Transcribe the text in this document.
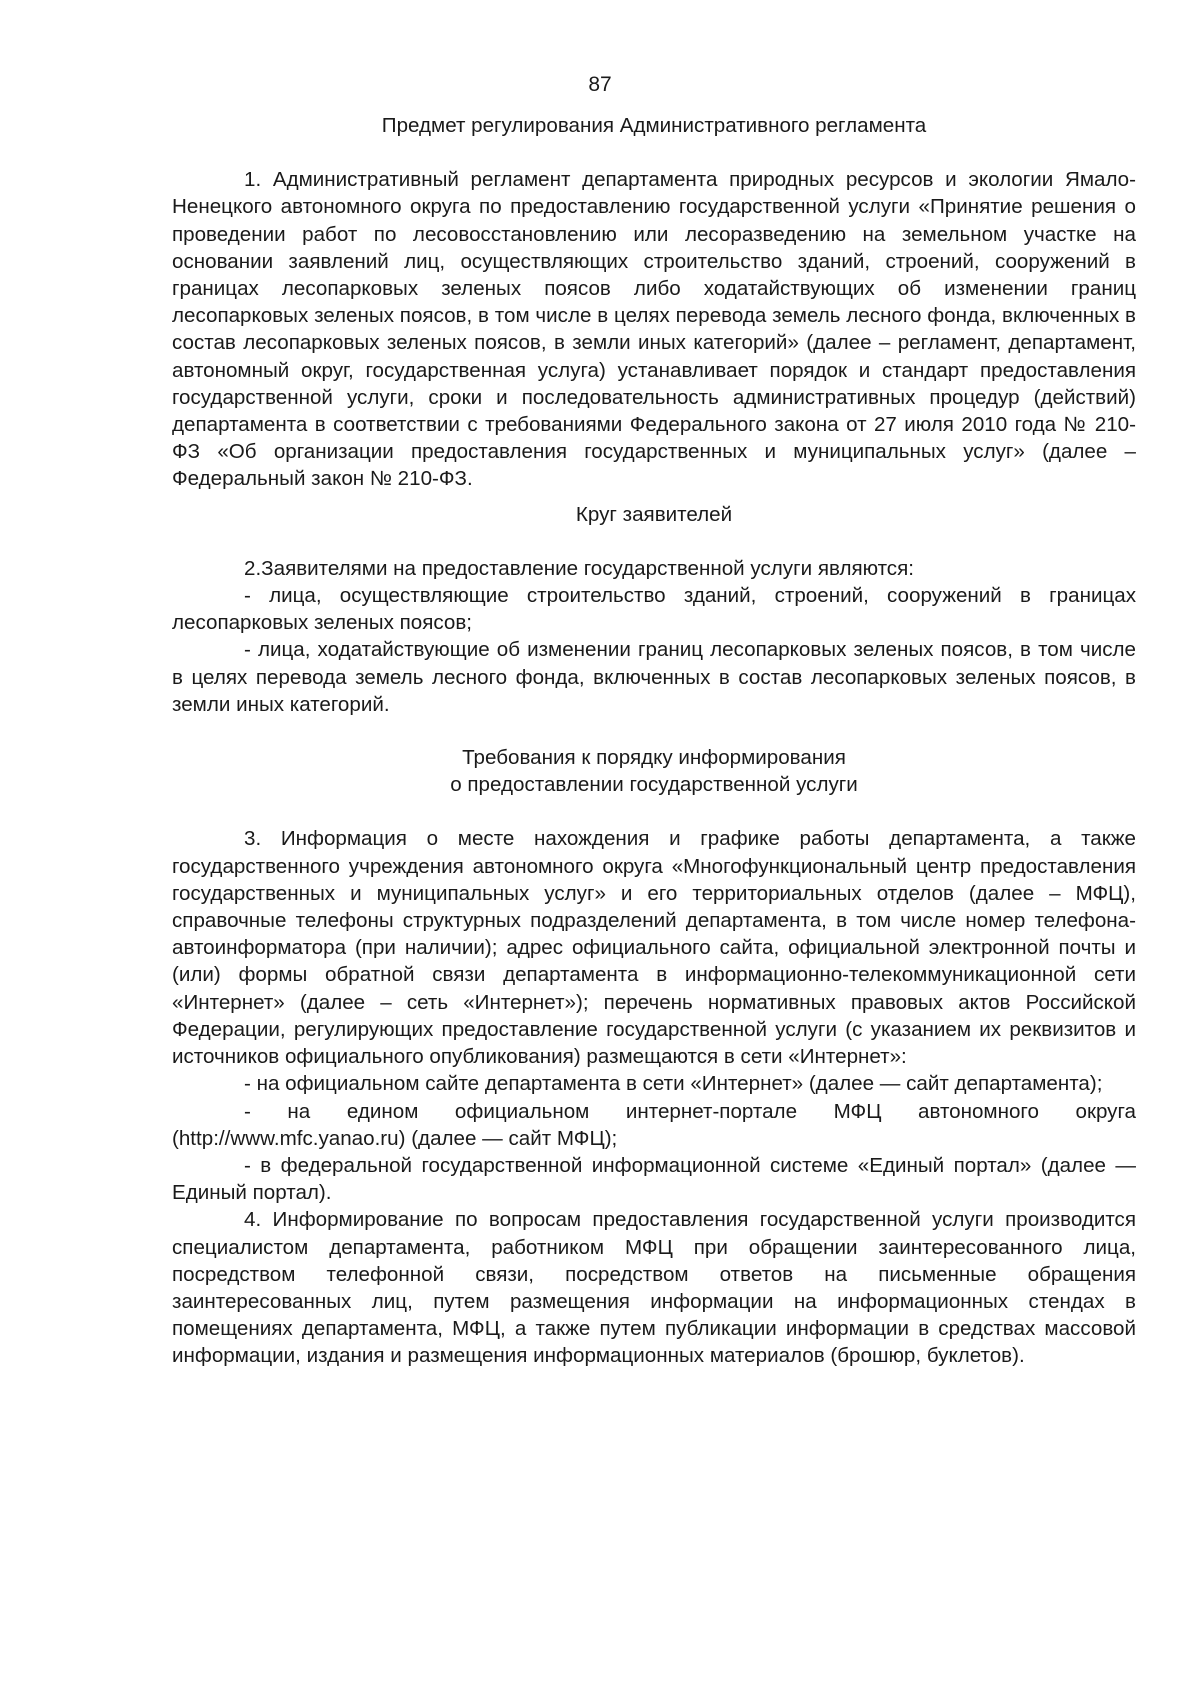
87
Предмет регулирования Административного регламента

1. Административный регламент департамента природных ресурсов и экологии Ямало-Ненецкого автономного округа по предоставлению государственной услуги «Принятие решения о проведении работ по лесовосстановлению или лесоразведению на земельном участке на основании заявлений лиц, осуществляющих строительство зданий, строений, сооружений в границах лесопарковых зеленых поясов либо ходатайствующих об изменении границ лесопарковых зеленых поясов, в том числе в целях перевода земель лесного фонда, включенных в состав лесопарковых зеленых поясов, в земли иных категорий» (далее – регламент, департамент, автономный округ, государственная услуга) устанавливает порядок и стандарт предоставления государственной услуги, сроки и последовательность административных процедур (действий) департамента в соответствии с требованиями Федерального закона от 27 июля 2010 года № 210-ФЗ «Об организации предоставления государственных и муниципальных услуг» (далее – Федеральный закон № 210-ФЗ.

Круг заявителей

2.Заявителями на предоставление государственной услуги являются:

- лица, осуществляющие строительство зданий, строений, сооружений в границах лесопарковых зеленых поясов;

- лица, ходатайствующие об изменении границ лесопарковых зеленых поясов, в том числе в целях перевода земель лесного фонда, включенных в состав лесопарковых зеленых поясов, в земли иных категорий.

Требования к порядку информирования
о предоставлении государственной услуги

3. Информация о месте нахождения и графике работы департамента, а также государственного учреждения автономного округа «Многофункциональный центр предоставления государственных и муниципальных услуг» и его территориальных отделов (далее – МФЦ), справочные телефоны структурных подразделений департамента, в том числе номер телефона-автоинформатора (при наличии); адрес официального сайта, официальной электронной почты и (или) формы обратной связи департамента в информационно-телекоммуникационной сети «Интернет» (далее – сеть «Интернет»); перечень нормативных правовых актов Российской Федерации, регулирующих предоставление государственной услуги (с указанием их реквизитов и источников официального опубликования) размещаются в сети «Интернет»:

- на официальном сайте департамента в сети «Интернет» (далее — сайт департамента);

- на едином официальном интернет-портале МФЦ автономного округа (http://www.mfc.yanao.ru) (далее — сайт МФЦ);

- в федеральной государственной информационной системе «Единый портал» (далее — Единый портал).

4. Информирование по вопросам предоставления государственной услуги производится специалистом департамента, работником МФЦ при обращении заинтересованного лица, посредством телефонной связи, посредством ответов на письменные обращения заинтересованных лиц, путем размещения информации на информационных стендах в помещениях департамента, МФЦ, а также путем публикации информации в средствах массовой информации, издания и размещения информационных материалов (брошюр, буклетов).
